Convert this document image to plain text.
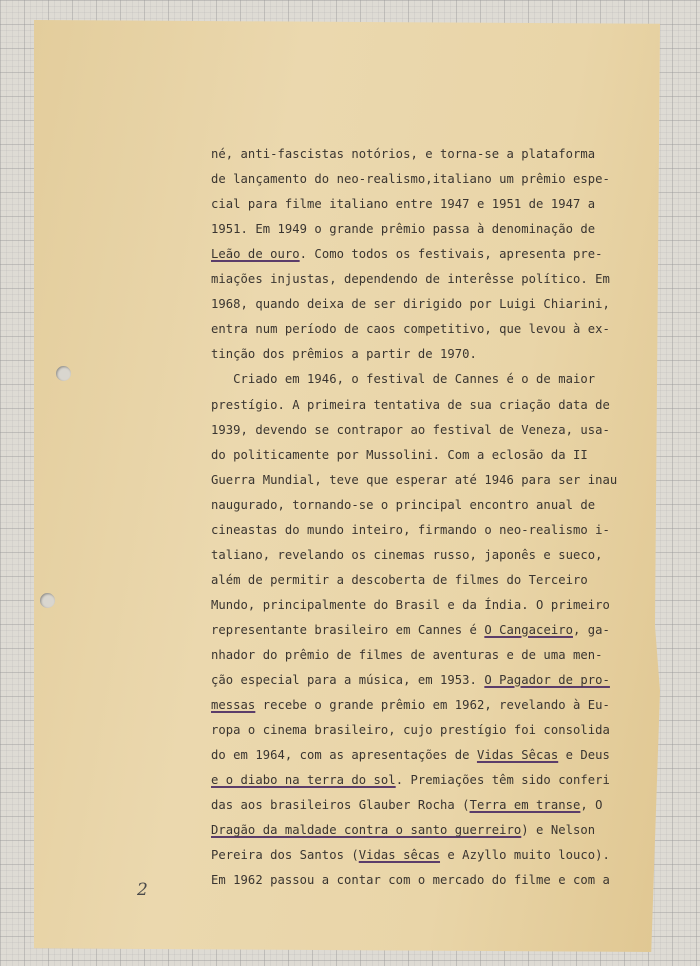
né, anti-fascistas notórios, e torna-se a plataforma
de lançamento do neo-realismo,italiano um prêmio espe-
cial para filme italiano entre 1947 e 1951 de 1947 a
1951. Em 1949 o grande prêmio passa à denominação de
Leão de ouro. Como todos os festivais, apresenta pre-
miações injustas, dependendo de interêsse político. Em
1968, quando deixa de ser dirigido por Luigi Chiarini,
entra num período de caos competitivo, que levou à ex-
tinção dos prêmios a partir de 1970.
Criado em 1946, o festival de Cannes é o de maior
prestígio. A primeira tentativa de sua criação data de
1939, devendo se contrapor ao festival de Veneza, usa-
do politicamente por Mussolini. Com a eclosão da II
Guerra Mundial, teve que esperar até 1946 para ser inau
naugurado, tornando-se o principal encontro anual de
cineastas do mundo inteiro, firmando o neo-realismo i-
taliano, revelando os cinemas russo, japonês e sueco,
além de permitir a descoberta de filmes do Terceiro
Mundo, principalmente do Brasil e da Índia. O primeiro
representante brasileiro em Cannes é O Cangaceiro, ga-
nhador do prêmio de filmes de aventuras e de uma men-
ção especial para a música, em 1953. O Pagador de pro-
messas recebe o grande prêmio em 1962, revelando à Eu-
ropa o cinema brasileiro, cujo prestígio foi consolida
do em 1964, com as apresentações de Vidas Sêcas e Deus
e o diabo na terra do sol. Premiações têm sido conferi
das aos brasileiros Glauber Rocha (Terra em transe, O
Dragão da maldade contra o santo guerreiro) e Nelson
Pereira dos Santos (Vidas sêcas e Azyllo muito louco).
Em 1962 passou a contar com o mercado do filme e com a
2
